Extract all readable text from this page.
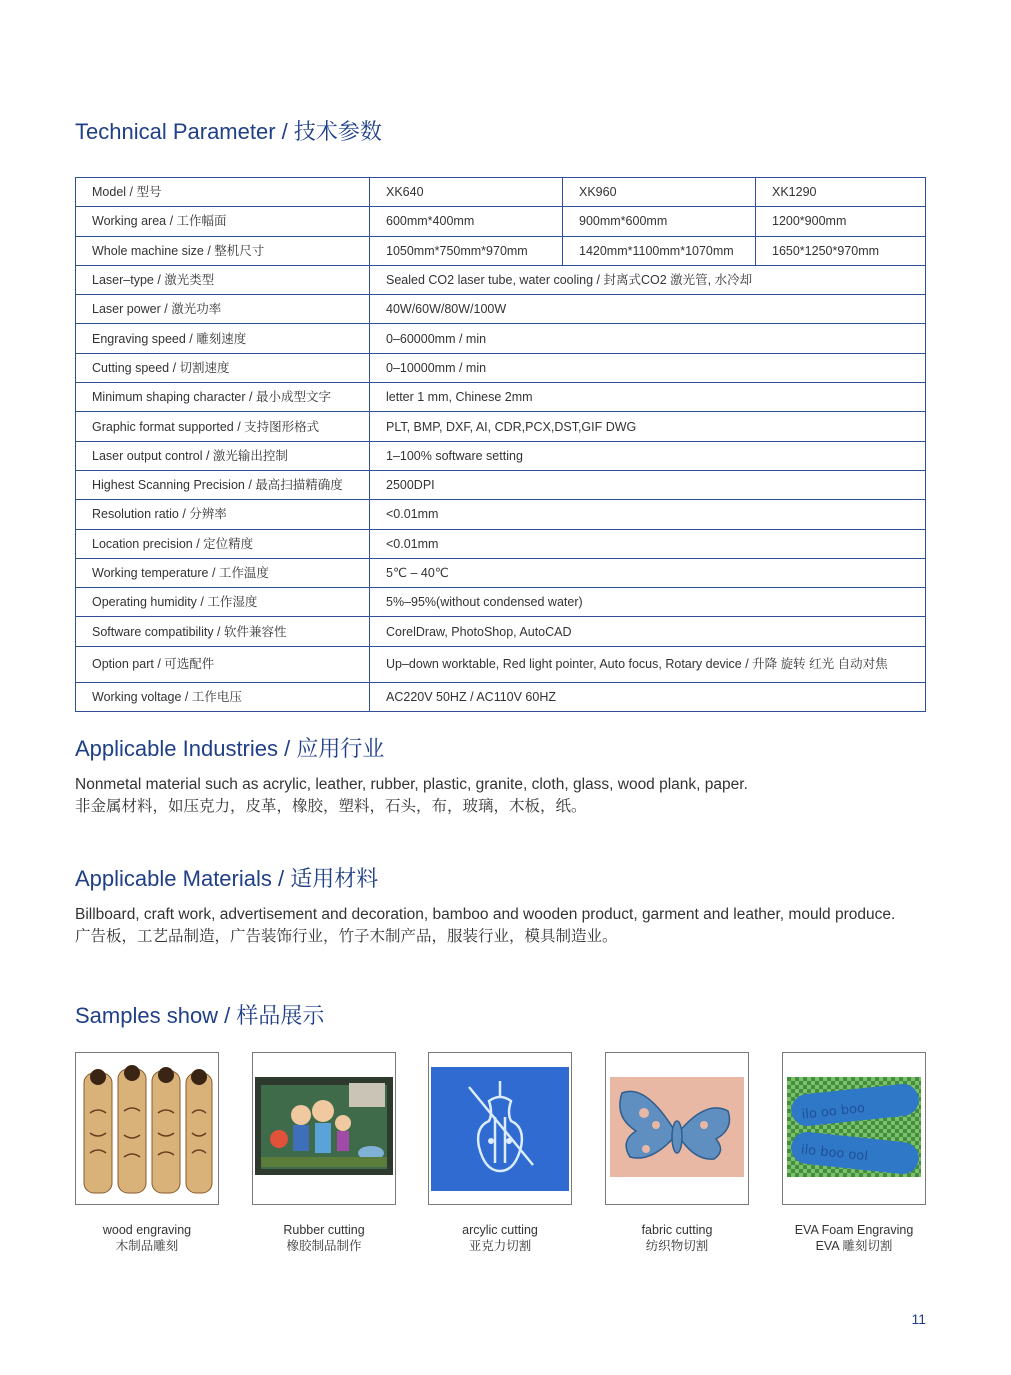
Technical Parameter / 技术参数
Model / 型号	XK640	XK960	XK1290
Working area / 工作幅面	600mm*400mm	900mm*600mm	1200*900mm
Whole machine size / 整机尺寸	1050mm*750mm*970mm	1420mm*1100mm*1070mm	1650*1250*970mm
Laser–type / 激光类型	Sealed CO2 laser tube, water cooling / 封离式CO2 激光管, 水冷却		
Laser power / 激光功率	40W/60W/80W/100W		
Engraving speed / 雕刻速度	0–60000mm / min		
Cutting speed / 切割速度	0–10000mm / min		
Minimum shaping character / 最小成型文字	letter 1 mm, Chinese 2mm		
Graphic format supported / 支持图形格式	PLT, BMP, DXF, AI, CDR,PCX,DST,GIF DWG		
Laser output control / 激光输出控制	1–100% software setting		
Highest Scanning Precision / 最高扫描精确度	2500DPI		
Resolution ratio / 分辨率	<0.01mm		
Location precision / 定位精度	<0.01mm		
Working temperature / 工作温度	5℃ – 40℃		
Operating humidity / 工作湿度	5%–95%(without condensed water)		
Software compatibility / 软件兼容性	CorelDraw, PhotoShop, AutoCAD		
Option part / 可选配件	Up–down worktable, Red light pointer, Auto focus, Rotary device / 升降 旋转 红光 自动对焦		
Working voltage / 工作电压	AC220V 50HZ / AC110V 60HZ		
Applicable Industries / 应用行业

Nonmetal material such as acrylic, leather, rubber, plastic, granite, cloth, glass, wood plank, paper.
非金属材料，如压克力，皮革，橡胶，塑料，石头，布，玻璃，木板，纸。

Applicable Materials / 适用材料

Billboard, craft work, advertisement and decoration, bamboo and wooden product, garment and leather, mould produce.
广告板，工艺品制造，广告装饰行业，竹子木制产品，服装行业，模具制造业。

Samples show / 样品展示
wood engraving
木制品雕刻
Rubber cutting
橡胶制品制作
arcylic cutting
亚克力切割
fabric cutting
纺织物切割
ilo oo boo
ilo boo ool
EVA Foam Engraving
EVA 雕刻切割
11
